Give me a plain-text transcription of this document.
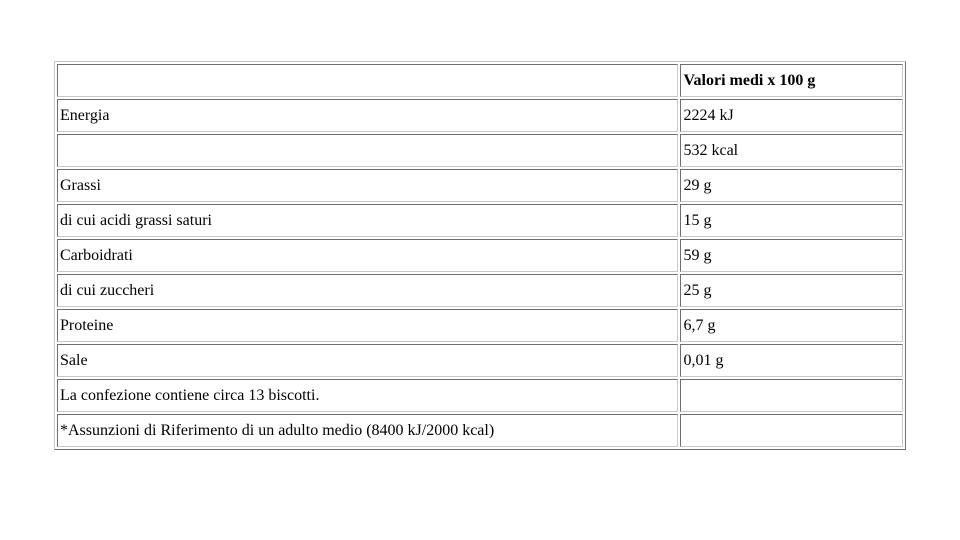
	Valori medi x 100 g
Energia	2224 kJ
	532 kcal
Grassi	29 g
di cui acidi grassi saturi	15 g
Carboidrati	59 g
di cui zuccheri	25 g
Proteine	6,7 g
Sale	0,01 g
La confezione contiene circa 13 biscotti.	
*Assunzioni di Riferimento di un adulto medio (8400 kJ/2000 kcal)	
